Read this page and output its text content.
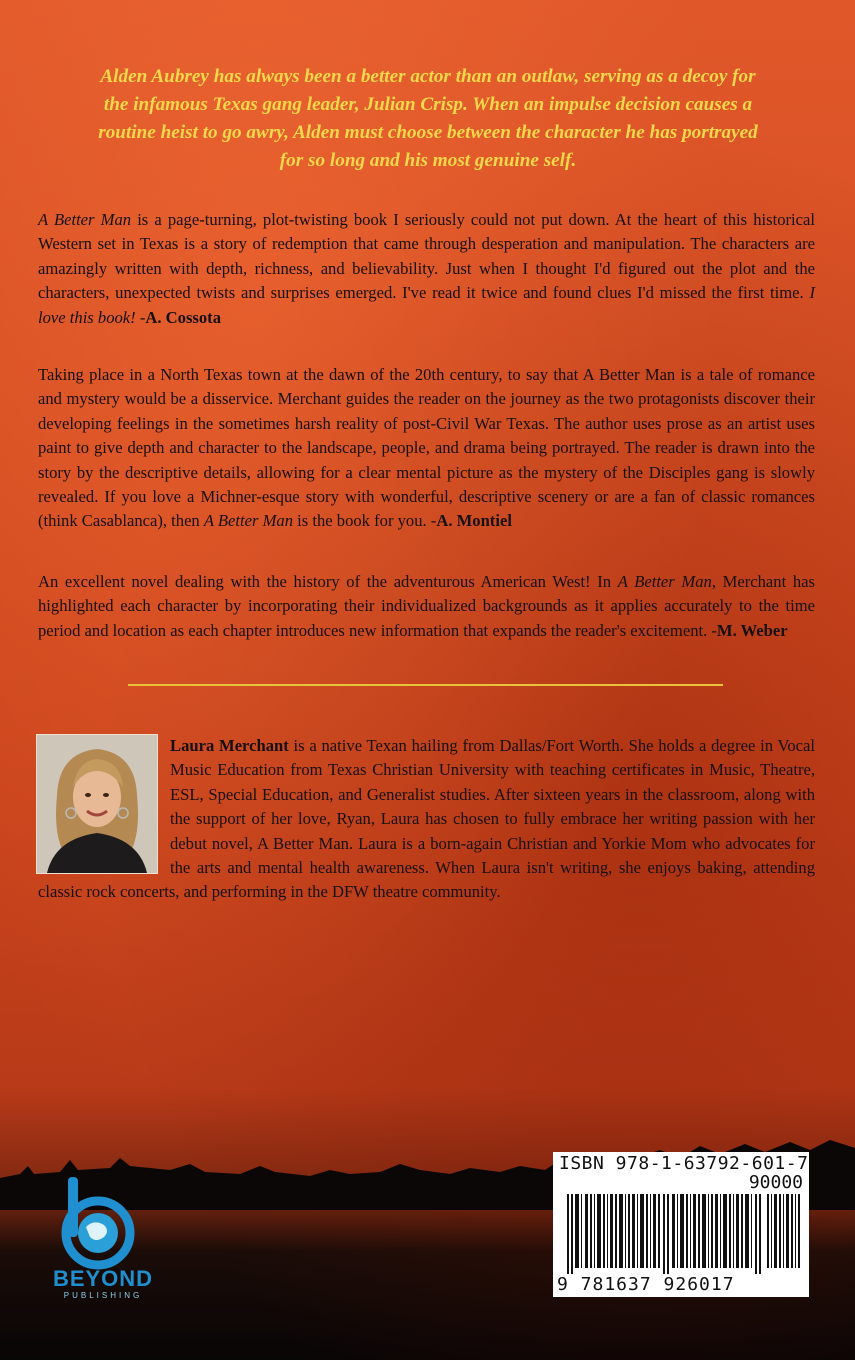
Alden Aubrey has always been a better actor than an outlaw, serving as a decoy for the infamous Texas gang leader, Julian Crisp. When an impulse decision causes a routine heist to go awry, Alden must choose between the character he has portrayed for so long and his most genuine self.

A Better Man is a page-turning, plot-twisting book I seriously could not put down. At the heart of this historical Western set in Texas is a story of redemption that came through desperation and manipulation. The characters are amazingly written with depth, richness, and believability. Just when I thought I'd figured out the plot and the characters, unexpected twists and surprises emerged. I've read it twice and found clues I'd missed the first time. I love this book! -A. Cossota

Taking place in a North Texas town at the dawn of the 20th century, to say that A Better Man is a tale of romance and mystery would be a disservice. Merchant guides the reader on the journey as the two protagonists discover their developing feelings in the sometimes harsh reality of post-Civil War Texas. The author uses prose as an artist uses paint to give depth and character to the landscape, people, and drama being portrayed. The reader is drawn into the story by the descriptive details, allowing for a clear mental picture as the mystery of the Disciples gang is slowly revealed. If you love a Michner-esque story with wonderful, descriptive scenery or are a fan of classic romances (think Casablanca), then A Better Man is the book for you. -A. Montiel

An excellent novel dealing with the history of the adventurous American West! In A Better Man, Merchant has highlighted each character by incorporating their individualized backgrounds as it applies accurately to the time period and location as each chapter introduces new information that expands the reader's excitement. -M. Weber

Laura Merchant is a native Texan hailing from Dallas/Fort Worth. She holds a degree in Vocal Music Education from Texas Christian University with teaching certificates in Music, Theatre, ESL, Special Education, and Generalist studies. After sixteen years in the classroom, along with the support of her love, Ryan, Laura has chosen to fully embrace her writing passion with her debut novel, A Better Man. Laura is a born-again Christian and Yorkie Mom who advocates for the arts and mental health awareness. When Laura isn't writing, she enjoys baking, attending classic rock concerts, and performing in the DFW theatre community.

BEYOND
PUBLISHING
ISBN 978-1-63792-601-7
90000
9 781637 926017
